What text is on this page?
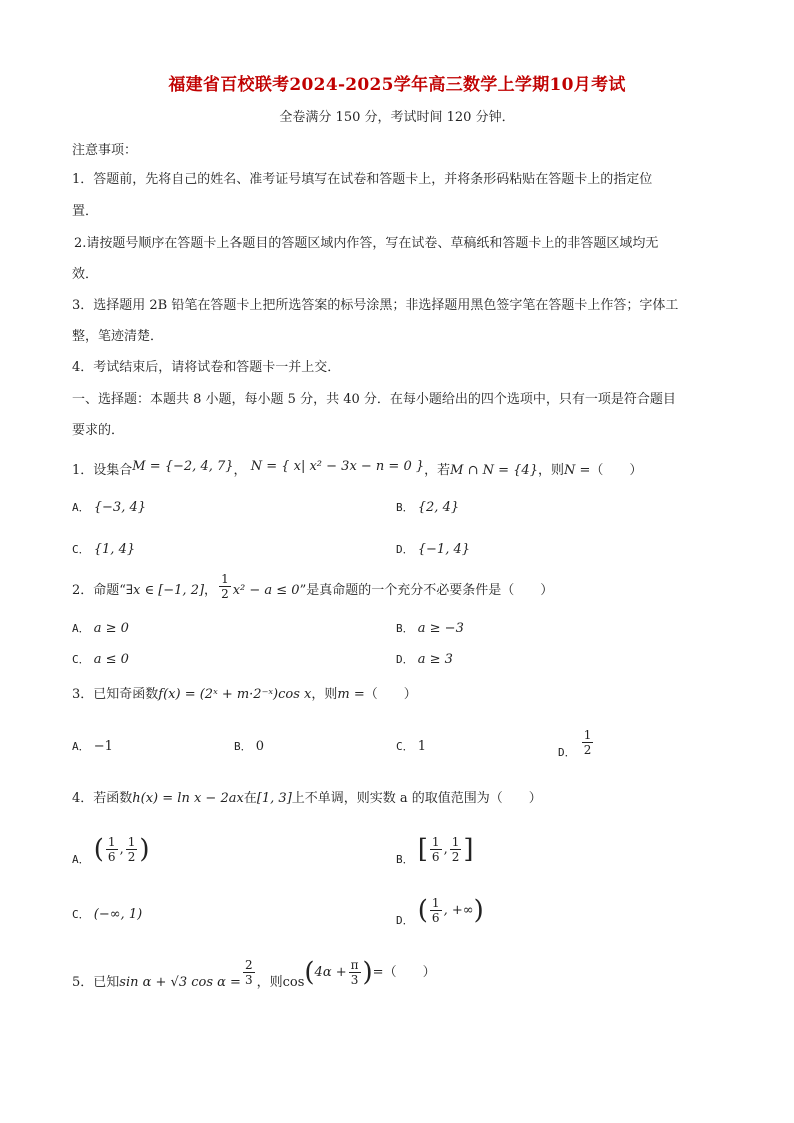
福建省百校联考2024-2025学年高三数学上学期10月考试
全卷满分 150 分，考试时间 120 分钟．
注意事项：
1．答题前，先将自己的姓名、准考证号填写在试卷和答题卡上，并将条形码粘贴在答题卡上的指定位
置．
2.请按题号顺序在答题卡上各题目的答题区域内作答，写在试卷、草稿纸和答题卡上的非答题区域均无
效．
3．选择题用 2B 铅笔在答题卡上把所选答案的标号涂黑；非选择题用黑色签字笔在答题卡上作答；字体工
整，笔迹清楚．
4．考试结束后，请将试卷和答题卡一并上交．
一、选择题：本题共 8 小题，每小题 5 分，共 40 分．在每小题给出的四个选项中，只有一项是符合题目
要求的．
1．设集合M = {−2, 4, 7}， N = { x| x² − 3x − n = 0 }，若M ∩ N = {4}，则N =（　　）
A． {−3, 4}	B． {2, 4}
C． {1, 4}	D． {−1, 4}
2．命题“∃x ∈ [−1, 2]， $\frac{1}{2} x^2 - a \le 0$”是真命题的一个充分不必要条件是（　　）
A． a ≥ 0	B． a ≥ −3
C． a ≤ 0	D． a ≥ 3
3．已知奇函数f(x) = (2ˣ + m·2⁻ˣ)cos x，则m =（　　）
A． −1	B． 0	C． 1	$_{D.} \frac{1}{2}$
4．若函数h(x) = ln x − 2ax在[1, 3]上不单调，则实数 a 的取值范围为（　　）
$_{A.}$ ( $\frac{1}{6}$ , $\frac{1}{2}$ )	$_{B.}$ [ $\frac{1}{6}$ , $\frac{1}{2}$ ]
C． (−∞, 1)	$_{D.}$ ( $\frac{1}{6}$ , +∞)
5．已知sin α + √3 $\cos \alpha = \frac{2}{3}$ ，则$\cos(4\alpha + \frac{\pi}{3}$ )=（　　）
